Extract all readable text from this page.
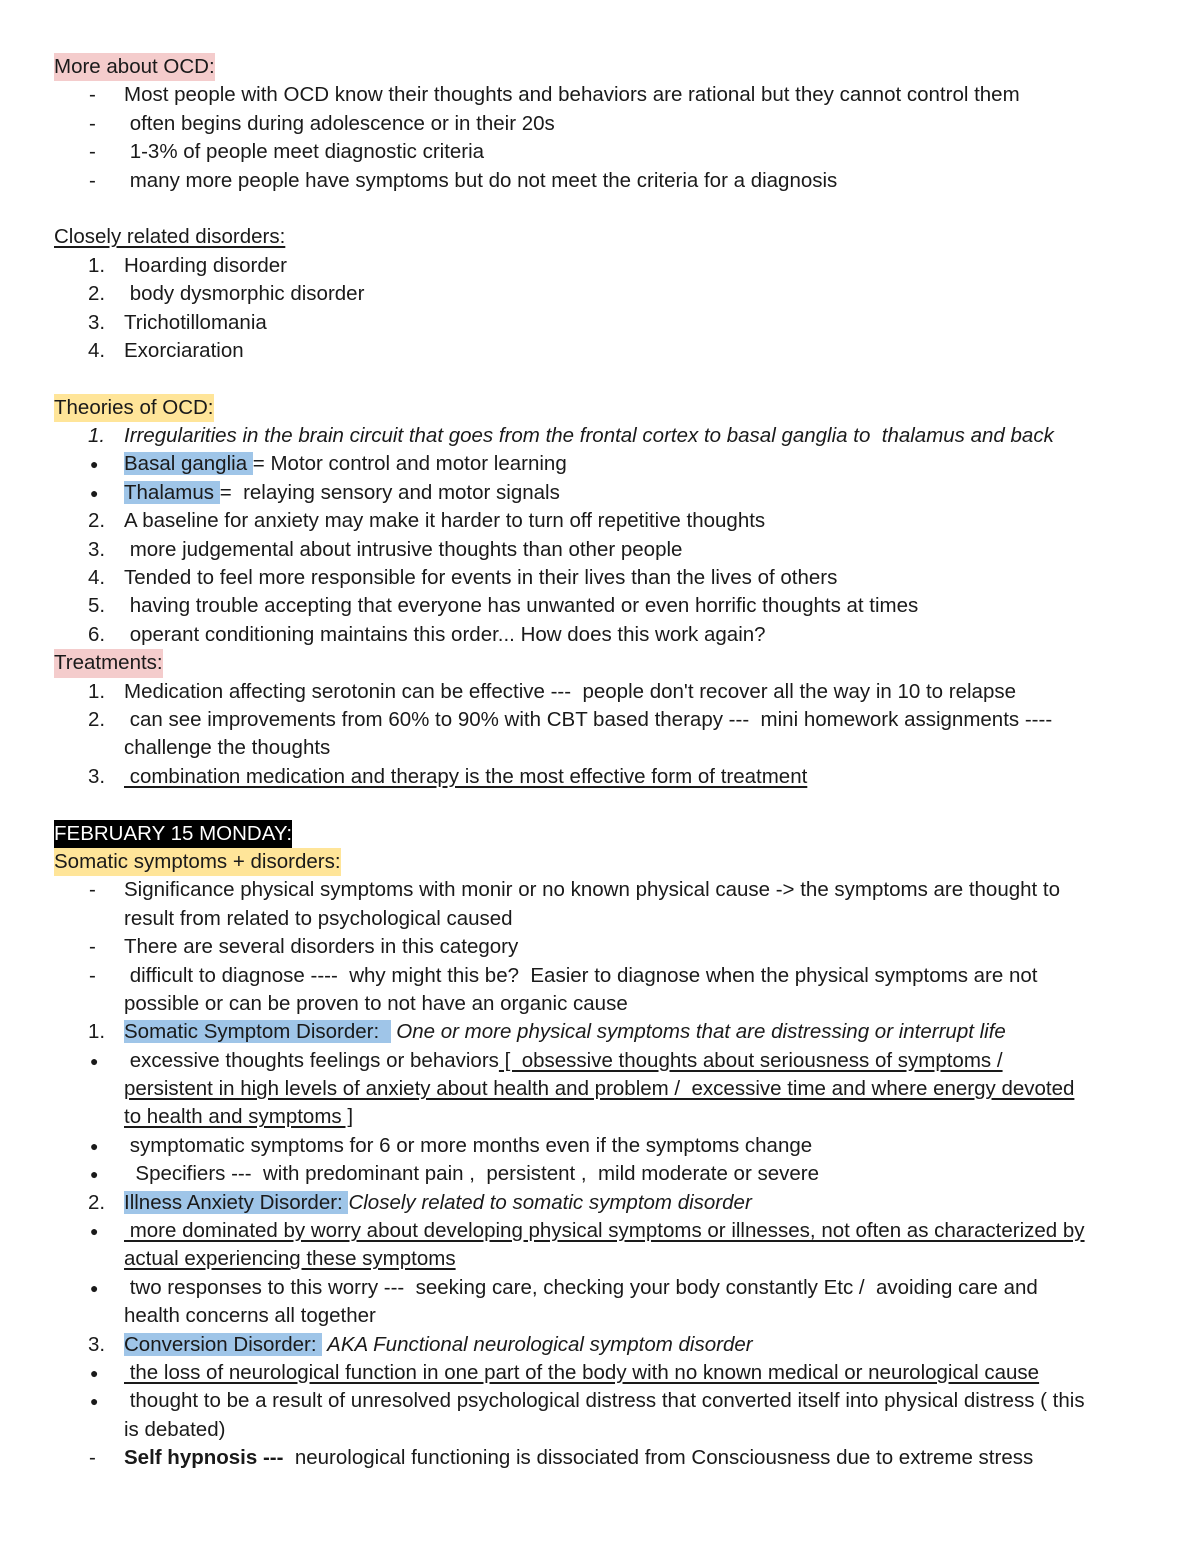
More about OCD:
- Most people with OCD know their thoughts and behaviors are rational but they cannot control them
- often begins during adolescence or in their 20s
- 1-3% of people meet diagnostic criteria
- many more people have symptoms but do not meet the criteria for a diagnosis
Closely related disorders:
1. Hoarding disorder
2. body dysmorphic disorder
3. Trichotillomania
4. Exorciaration
Theories of OCD:
1. Irregularities in the brain circuit that goes from the frontal cortex to basal ganglia to  thalamus and back
● Basal ganglia = Motor control and motor learning
● Thalamus =  relaying sensory and motor signals
2. A baseline for anxiety may make it harder to turn off repetitive thoughts
3. more judgemental about intrusive thoughts than other people
4. Tended to feel more responsible for events in their lives than the lives of others
5. having trouble accepting that everyone has unwanted or even horrific thoughts at times
6. operant conditioning maintains this order... How does this work again?
Treatments:
1. Medication affecting serotonin can be effective ---  people don't recover all the way in 10 to relapse
2. can see improvements from 60% to 90% with CBT based therapy ---  mini homework assignments ----
challenge the thoughts
3. combination medication and therapy is the most effective form of treatment
FEBRUARY 15 MONDAY:
Somatic symptoms + disorders:
- Significance physical symptoms with monir or no known physical cause -> the symptoms are thought to
result from related to psychological caused
- There are several disorders in this category
- difficult to diagnose ----  why might this be?  Easier to diagnose when the physical symptoms are not
possible or can be proven to not have an organic cause
1. Somatic Symptom Disorder:   One or more physical symptoms that are distressing or interrupt life
● excessive thoughts feelings or behaviors [  obsessive thoughts about seriousness of symptoms /
persistent in high levels of anxiety about health and problem /  excessive time and where energy devoted
to health and symptoms ]
● symptomatic symptoms for 6 or more months even if the symptoms change
● Specifiers ---  with predominant pain ,  persistent ,  mild moderate or severe
2. Illness Anxiety Disorder: Closely related to somatic symptom disorder
● more dominated by worry about developing physical symptoms or illnesses, not often as characterized by
actual experiencing these symptoms
● two responses to this worry ---  seeking care, checking your body constantly Etc /  avoiding care and
health concerns all together
3. Conversion Disorder:  AKA Functional neurological symptom disorder
● the loss of neurological function in one part of the body with no known medical or neurological cause
● thought to be a result of unresolved psychological distress that converted itself into physical distress ( this
is debated)
- Self hypnosis ---  neurological functioning is dissociated from Consciousness due to extreme stress
